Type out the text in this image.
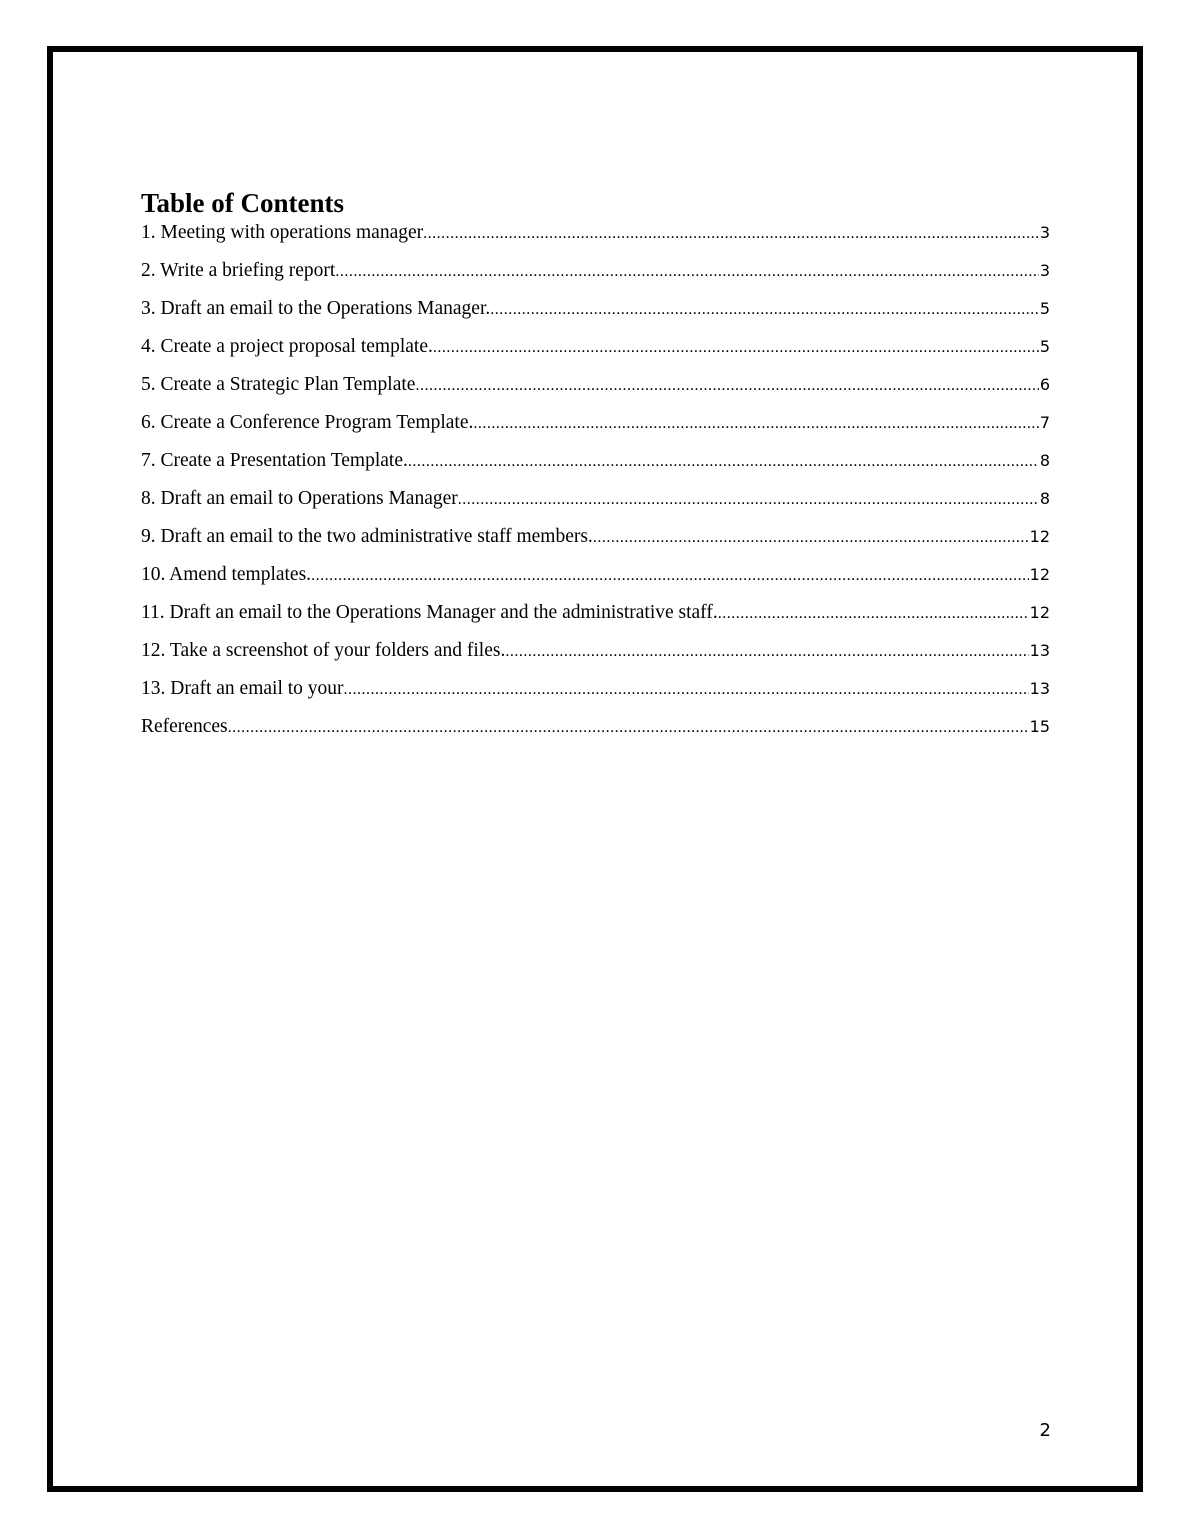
Table of Contents
1. Meeting with operations manager .....	3
2. Write a briefing report .....	3
3. Draft an email to the Operations Manager. .....	5
4. Create a project proposal template. .....	5
5. Create a Strategic Plan Template .....	6
6. Create a Conference Program Template. .....	7
7. Create a Presentation Template. .....	8
8. Draft an email to Operations Manager .....	8
9. Draft an email to the two administrative staff members. .....	12
10. Amend templates. .....	12
11. Draft an email to the Operations Manager and the administrative staff. .....	12
12. Take a screenshot of your folders and files. .....	13
13. Draft an email to your .....	13
References .....	15
2
